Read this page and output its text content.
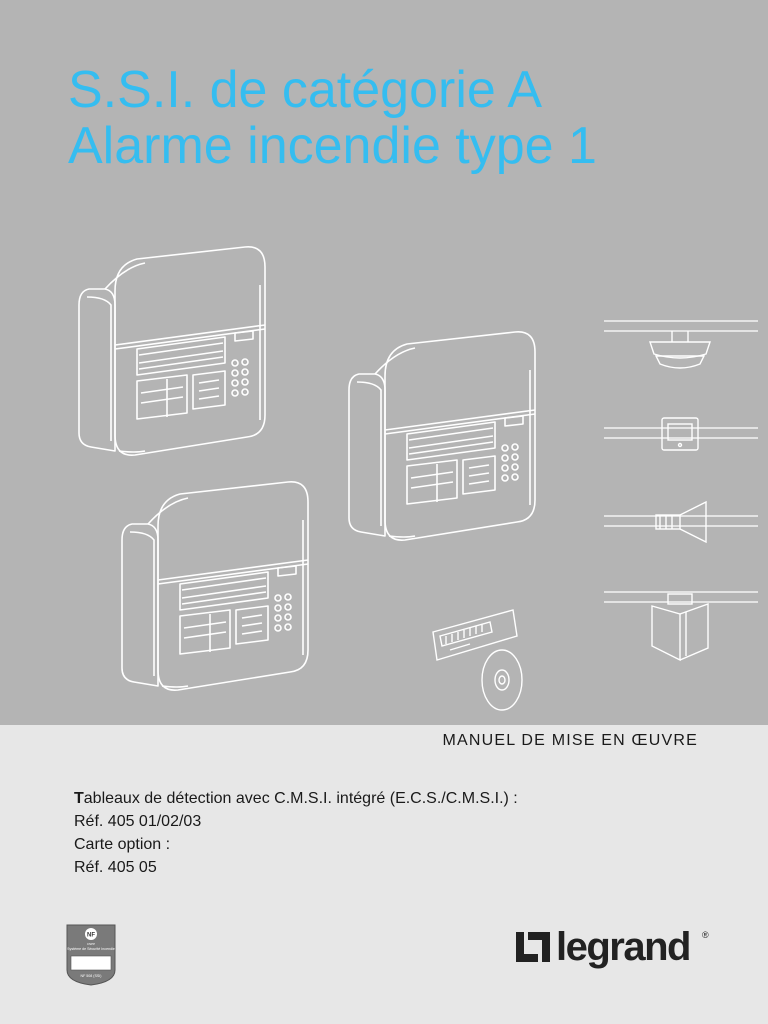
S.S.I. de catégorie A
Alarme incendie type 1
MANUEL DE MISE EN ŒUVRE
Tableaux de détection avec C.M.S.I. intégré (E.C.S./C.M.S.I.) :
Réf. 405 01/02/03
Carte option :
Réf. 405 05
NF
CNPP
Système de Sécurité Incendie
NF 508 (SSI)
legrand ®
